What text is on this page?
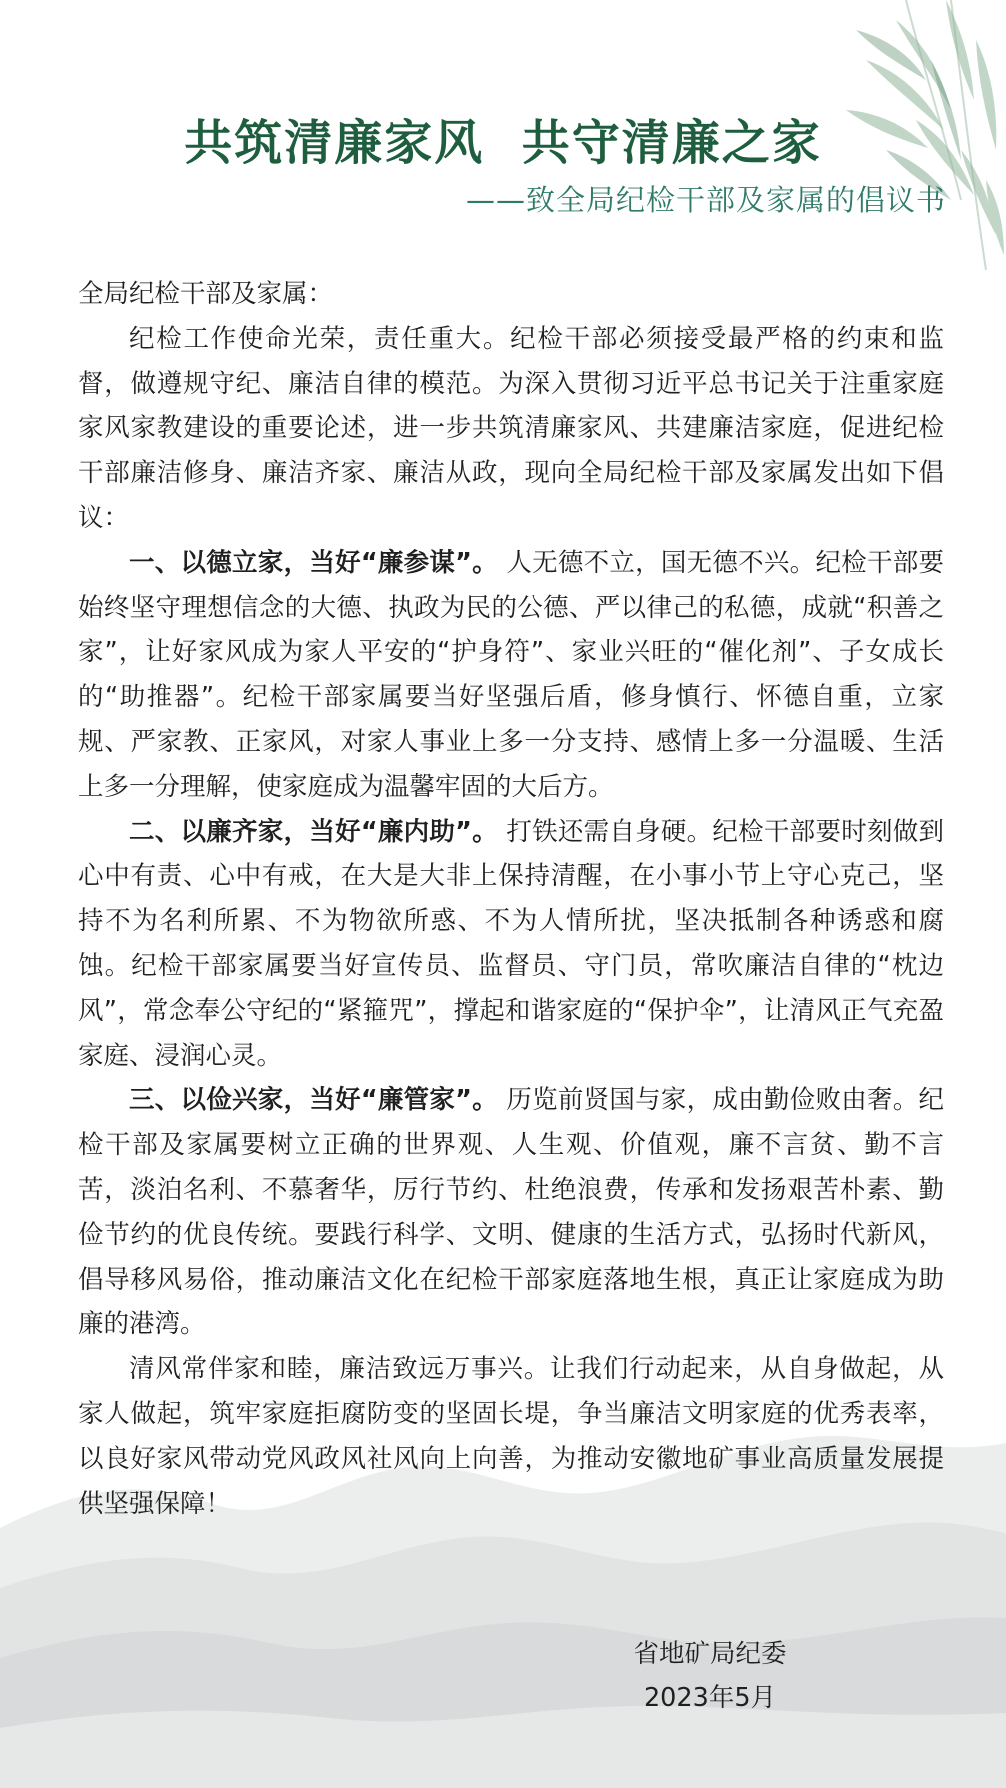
共筑清廉家风  共守清廉之家
——致全局纪检干部及家属的倡议书

全局纪检干部及家属：

纪检工作使命光荣，责任重大。纪检干部必须接受最严格的约束和监督，做遵规守纪、廉洁自律的模范。为深入贯彻习近平总书记关于注重家庭家风家教建设的重要论述，进一步共筑清廉家风、共建廉洁家庭，促进纪检干部廉洁修身、廉洁齐家、廉洁从政，现向全局纪检干部及家属发出如下倡议：

一、以德立家，当好“廉参谋”。 人无德不立，国无德不兴。纪检干部要始终坚守理想信念的大德、执政为民的公德、严以律己的私德，成就“积善之家”，让好家风成为家人平安的“护身符”、家业兴旺的“催化剂”、子女成长的“助推器”。纪检干部家属要当好坚强后盾，修身慎行、怀德自重，立家规、严家教、正家风，对家人事业上多一分支持、感情上多一分温暖、生活上多一分理解，使家庭成为温馨牢固的大后方。

二、以廉齐家，当好“廉内助”。 打铁还需自身硬。纪检干部要时刻做到心中有责、心中有戒，在大是大非上保持清醒，在小事小节上守心克己，坚持不为名利所累、不为物欲所惑、不为人情所扰，坚决抵制各种诱惑和腐蚀。纪检干部家属要当好宣传员、监督员、守门员，常吹廉洁自律的“枕边风”，常念奉公守纪的“紧箍咒”，撑起和谐家庭的“保护伞”，让清风正气充盈家庭、浸润心灵。

三、以俭兴家，当好“廉管家”。 历览前贤国与家，成由勤俭败由奢。纪检干部及家属要树立正确的世界观、人生观、价值观，廉不言贫、勤不言苦，淡泊名利、不慕奢华，厉行节约、杜绝浪费，传承和发扬艰苦朴素、勤俭节约的优良传统。要践行科学、文明、健康的生活方式，弘扬时代新风，倡导移风易俗，推动廉洁文化在纪检干部家庭落地生根，真正让家庭成为助廉的港湾。

清风常伴家和睦，廉洁致远万事兴。让我们行动起来，从自身做起，从家人做起，筑牢家庭拒腐防变的坚固长堤，争当廉洁文明家庭的优秀表率，以良好家风带动党风政风社风向上向善，为推动安徽地矿事业高质量发展提供坚强保障！

省地矿局纪委
2023年5月
